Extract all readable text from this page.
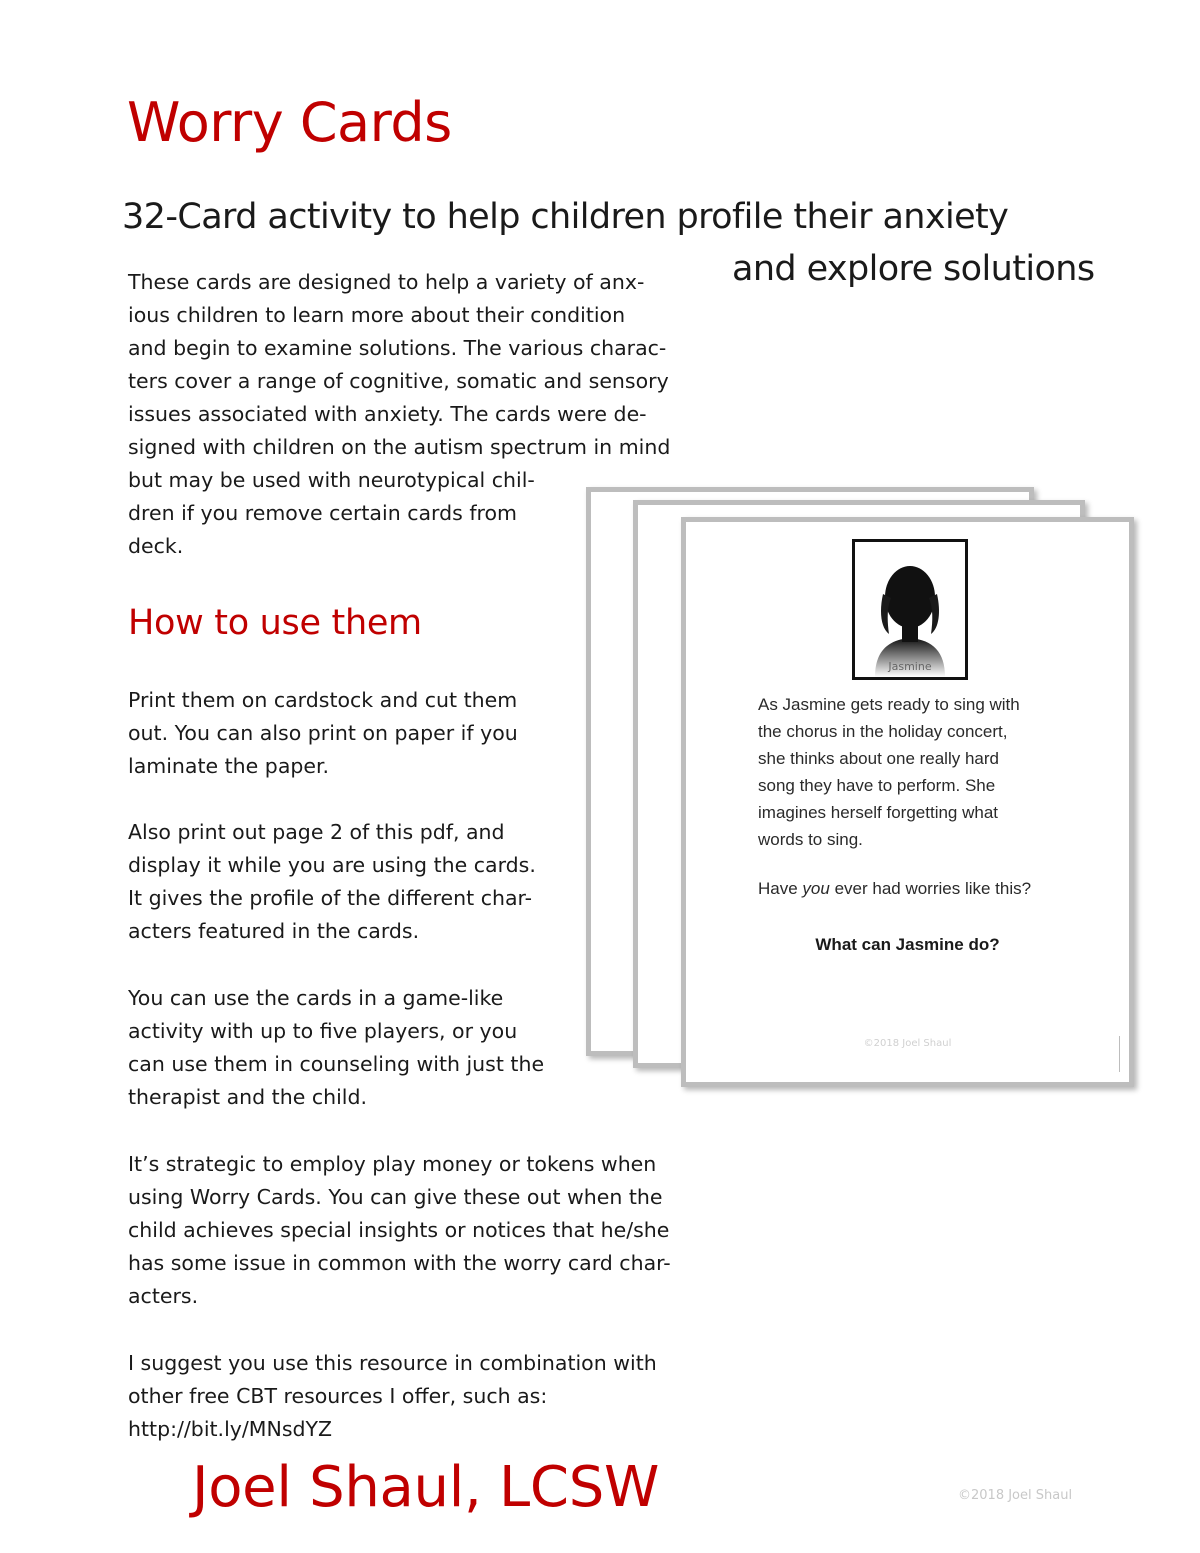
Worry Cards
32-Card activity to help children profile their anxiety
and explore solutions
These cards are designed to help a variety of anx-
ious children to learn more about their condition
and begin to examine solutions. The various charac-
ters cover a range of cognitive, somatic and sensory
issues associated with anxiety. The cards were de-
signed with children on the autism spectrum in mind
but may be used with neurotypical chil-
dren if you remove certain cards from
deck.
How to use them
Print them on cardstock and cut them
out. You can also print on paper if you
laminate the paper.
Also print out page 2 of this pdf, and
display it while you are using the cards.
It gives the profile of the different char-
acters featured in the cards.
You can use the cards in a game-like
activity with up to five players, or you
can use them in counseling with just the
therapist and the child.
It’s strategic to employ play money or tokens when
using Worry Cards. You can give these out when the
child achieves special insights or notices that he/she
has some issue in common with the worry card char-
acters.
I suggest you use this resource in combination with
other free CBT resources I offer, such as:
http://bit.ly/MNsdYZ
Jasmine
As Jasmine gets ready to sing with
the chorus in the holiday concert,
she thinks about one really hard
song they have to perform. She
imagines herself forgetting what
words to sing.
Have you ever had worries like this?
What can Jasmine do?
©2018 Joel Shaul
Joel Shaul, LCSW	©2018 Joel Shaul
